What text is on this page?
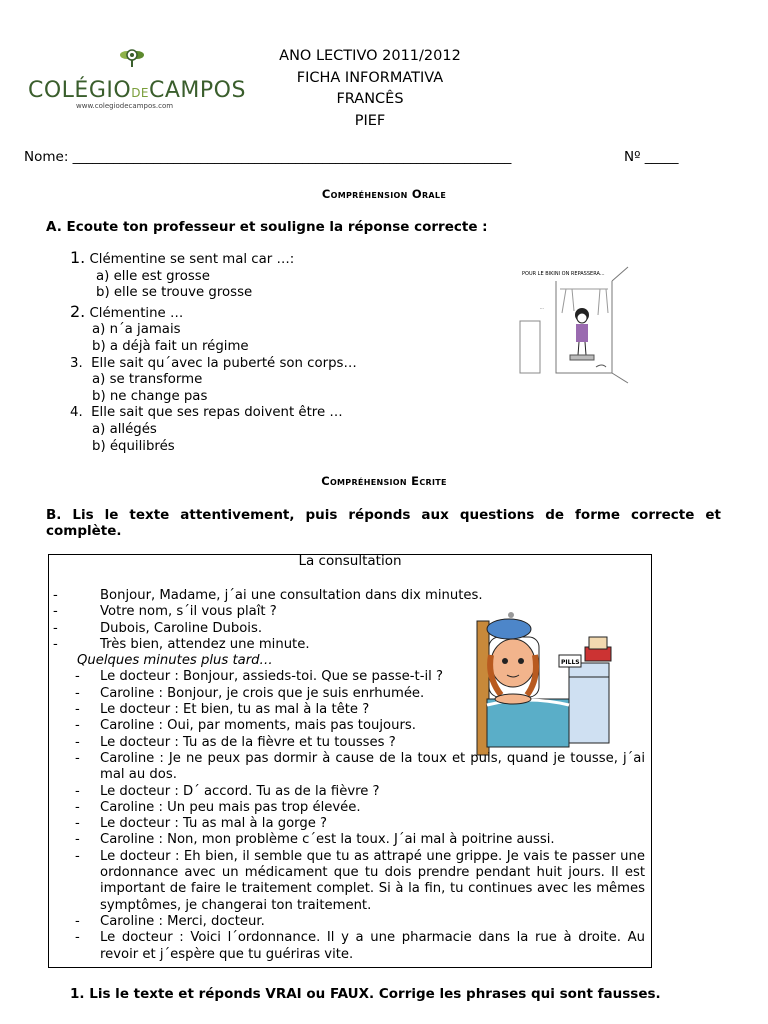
COLÉGIODECAMPOS
www.colegiodecampos.com
ANO LECTIVO 2011/2012
FICHA INFORMATIVA
FRANCÊS
PIEF
Nome: _________________________________________________________________	Nº _____
Compréhension Orale
A. Ecoute ton professeur et souligne la réponse correcte :
1. Clémentine se sent mal car …:
a) elle est grosse
b) elle se trouve grosse
2. Clémentine …
a) n´a jamais
b) a déjà fait un régime
3. Elle sait qu´avec la puberté son corps…
a) se transforme
b) ne change pas
4. Elle sait que ses repas doivent être …
a) allégés
b) équilibrés
POUR LE BIKINI ON REPASSERA...
...
Compréhension Ecrite
B. Lis le texte attentivement, puis réponds aux questions de forme correcte et complète.
La consultation
PILLS
-	Bonjour, Madame, j´ai une consultation dans dix minutes.
-	Votre nom, s´il vous plaît ?
-	Dubois, Caroline Dubois.
-	Très bien, attendez une minute.
Quelques minutes plus tard…
- Le docteur : Bonjour, assieds-toi. Que se passe-t-il ?
- Caroline : Bonjour, je crois que je suis enrhumée.
- Le docteur : Et bien, tu as mal à la tête ?
- Caroline : Oui, par moments, mais pas toujours.
- Le docteur : Tu as de la fièvre et tu tousses ?
- Caroline : Je ne peux pas dormir à cause de la toux et puis, quand je tousse, j´ai mal au dos.
- Le docteur : D´ accord. Tu as de la fièvre ?
- Caroline : Un peu mais pas trop élevée.
- Le docteur : Tu as mal à la gorge ?
- Caroline : Non, mon problème c´est la toux. J´ai mal à poitrine aussi.
- Le docteur : Eh bien, il semble que tu as attrapé une grippe. Je vais te passer une ordonnance avec un médicament que tu dois prendre pendant huit jours. Il est important de faire le traitement complet. Si à la fin, tu continues avec les mêmes symptômes, je changerai ton traitement.
- Caroline : Merci, docteur.
- Le docteur : Voici l´ordonnance. Il y a une pharmacie dans la rue à droite. Au revoir et j´espère que tu guériras vite.
1. Lis le texte et réponds VRAI ou FAUX. Corrige les phrases qui sont fausses.
